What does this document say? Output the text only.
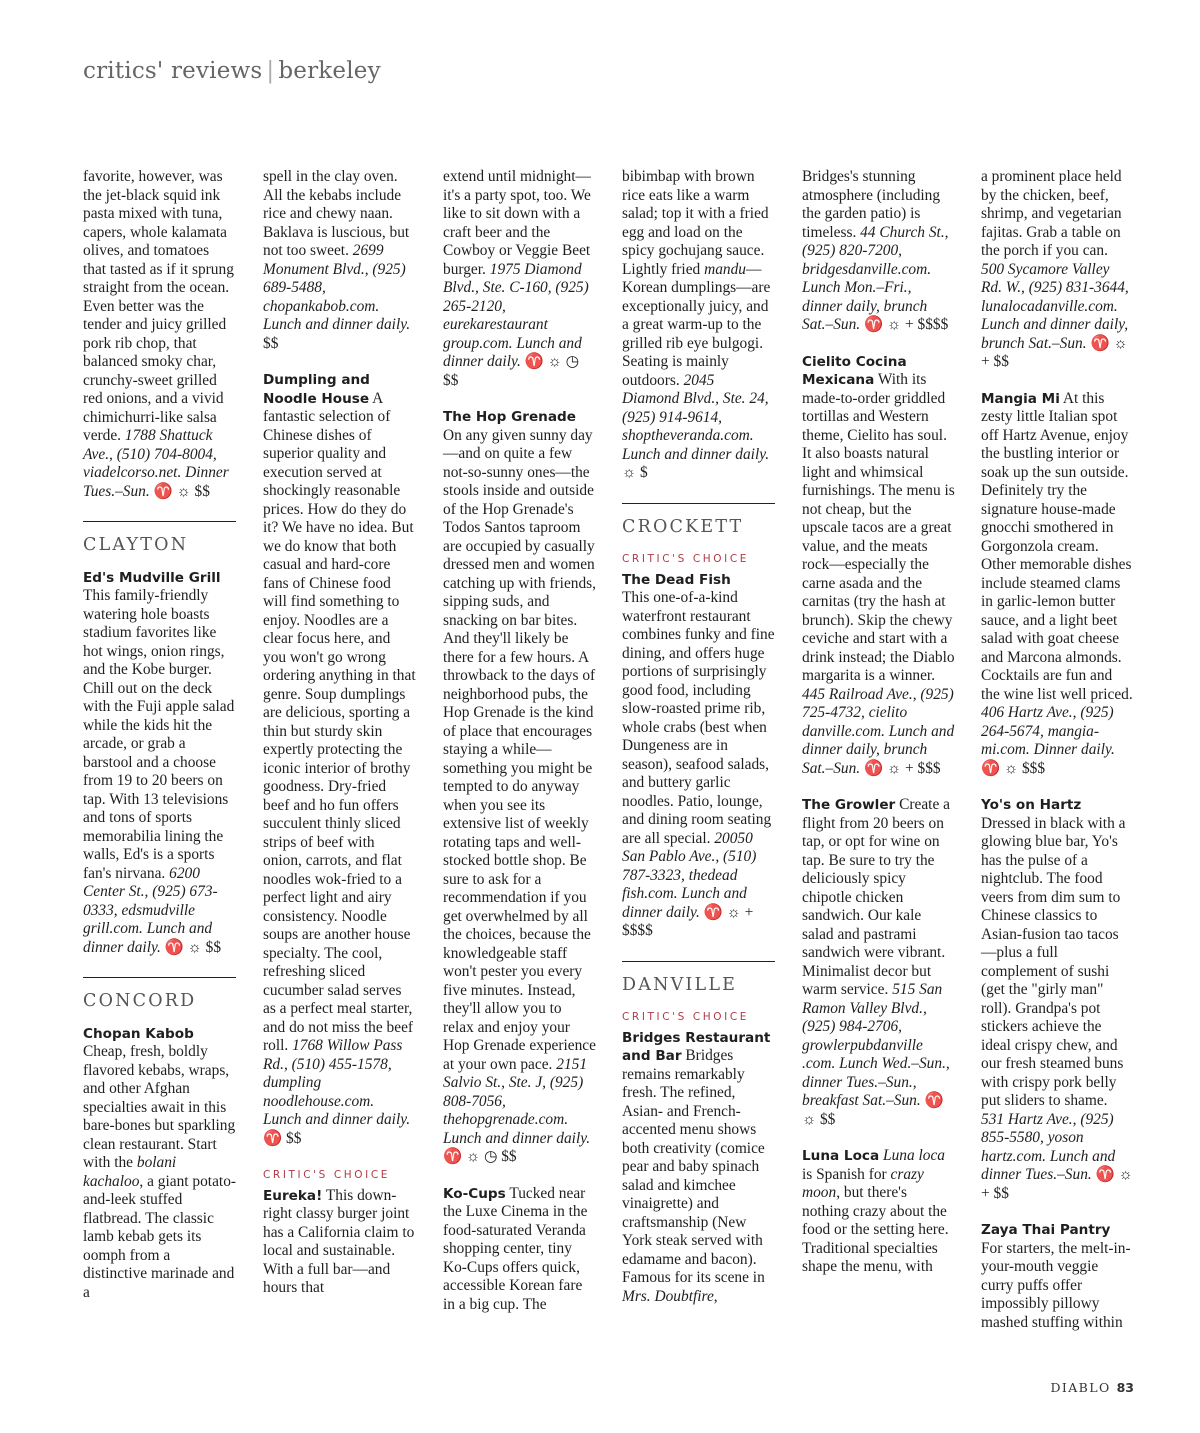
critics' reviews | berkeley

favorite, however, was the jet-black squid ink pasta mixed with tuna, capers, whole kalamata olives, and tomatoes that tasted as if it sprung straight from the ocean. Even better was the tender and juicy grilled pork rib chop, that balanced smoky char, crunchy-sweet grilled red onions, and a vivid chimichurri-like salsa verde. 1788 Shattuck Ave., (510) 704-8004, viadelcorso.net. Dinner Tues.–Sun. ♈ ☼ $$

CLAYTON

Ed's Mudville Grill
This family-friendly watering hole boasts stadium favorites like hot wings, onion rings, and the Kobe burger. Chill out on the deck with the Fuji apple salad while the kids hit the arcade, or grab a barstool and a choose from 19 to 20 beers on tap. With 13 televisions and tons of sports memorabilia lining the walls, Ed's is a sports fan's nirvana. 6200 Center St., (925) 673-0333, edsmudville grill.com. Lunch and dinner daily. ♈ ☼ $$

CONCORD

Chopan Kabob
Cheap, fresh, boldly flavored kebabs, wraps, and other Afghan specialties await in this bare-bones but sparkling clean restaurant. Start with the bolani kachaloo, a giant potato-and-leek stuffed flatbread. The classic lamb kebab gets its oomph from a distinctive marinade and a

spell in the clay oven. All the kebabs include rice and chewy naan. Baklava is luscious, but not too sweet. 2699 Monument Blvd., (925) 689-5488, chopankabob.com. Lunch and dinner daily. $$

Dumpling and Noodle House A fantastic selection of Chinese dishes of superior quality and execution served at shockingly reasonable prices. How do they do it? We have no idea. But we do know that both casual and hard-core fans of Chinese food will find something to enjoy. Noodles are a clear focus here, and you won't go wrong ordering anything in that genre. Soup dumplings are delicious, sporting a thin but sturdy skin expertly protecting the iconic interior of brothy goodness. Dry-fried beef and ho fun offers succulent thinly sliced strips of beef with onion, carrots, and flat noodles wok-fried to a perfect light and airy consistency. Noodle soups are another house specialty. The cool, refreshing sliced cucumber salad serves as a perfect meal starter, and do not miss the beef roll. 1768 Willow Pass Rd., (510) 455-1578, dumpling noodlehouse.com. Lunch and dinner daily. ♈ $$

CRITIC'S CHOICE

Eureka! This down-right classy burger joint has a California claim to local and sustainable. With a full bar—and hours that

extend until midnight—it's a party spot, too. We like to sit down with a craft beer and the Cowboy or Veggie Beet burger. 1975 Diamond Blvd., Ste. C-160, (925) 265-2120, eurekarestaurant group.com. Lunch and dinner daily. ♈ ☼ ◷ $$

The Hop Grenade
On any given sunny day—and on quite a few not-so-sunny ones—the stools inside and outside of the Hop Grenade's Todos Santos taproom are occupied by casually dressed men and women catching up with friends, sipping suds, and snacking on bar bites. And they'll likely be there for a few hours. A throwback to the days of neighborhood pubs, the Hop Grenade is the kind of place that encourages staying a while—something you might be tempted to do anyway when you see its extensive list of weekly rotating taps and well-stocked bottle shop. Be sure to ask for a recommendation if you get overwhelmed by all the choices, because the knowledgeable staff won't pester you every five minutes. Instead, they'll allow you to relax and enjoy your Hop Grenade experience at your own pace. 2151 Salvio St., Ste. J, (925) 808-7056, thehopgrenade.com. Lunch and dinner daily. ♈ ☼ ◷ $$

Ko-Cups Tucked near the Luxe Cinema in the food-saturated Veranda shopping center, tiny Ko-Cups offers quick, accessible Korean fare in a big cup. The

bibimbap with brown rice eats like a warm salad; top it with a fried egg and load on the spicy gochujang sauce. Lightly fried mandu—Korean dumplings—are exceptionally juicy, and a great warm-up to the grilled rib eye bulgogi. Seating is mainly outdoors. 2045 Diamond Blvd., Ste. 24, (925) 914-9614, shoptheveranda.com. Lunch and dinner daily. ☼ $

CROCKETT
CRITIC'S CHOICE

The Dead Fish
This one-of-a-kind waterfront restaurant combines funky and fine dining, and offers huge portions of surprisingly good food, including slow-roasted prime rib, whole crabs (best when Dungeness are in season), seafood salads, and buttery garlic noodles. Patio, lounge, and dining room seating are all special. 20050 San Pablo Ave., (510) 787-3323, thedead fish.com. Lunch and dinner daily. ♈ ☼ + $$$$

DANVILLE
CRITIC'S CHOICE

Bridges Restaurant and Bar Bridges remains remarkably fresh. The refined, Asian- and French-accented menu shows both creativity (comice pear and baby spinach salad and kimchee vinaigrette) and craftsmanship (New York steak served with edamame and bacon). Famous for its scene in Mrs. Doubtfire,

Bridges's stunning atmosphere (including the garden patio) is timeless. 44 Church St., (925) 820-7200, bridgesdanville.com. Lunch Mon.–Fri., dinner daily, brunch Sat.–Sun. ♈ ☼ + $$$$

Cielito Cocina Mexicana With its made-to-order griddled tortillas and Western theme, Cielito has soul. It also boasts natural light and whimsical furnishings. The menu is not cheap, but the upscale tacos are a great value, and the meats rock—especially the carne asada and the carnitas (try the hash at brunch). Skip the chewy ceviche and start with a drink instead; the Diablo margarita is a winner. 445 Railroad Ave., (925) 725-4732, cielito danville.com. Lunch and dinner daily, brunch Sat.–Sun. ♈ ☼ + $$$

The Growler Create a flight from 20 beers on tap, or opt for wine on tap. Be sure to try the deliciously spicy chipotle chicken sandwich. Our kale salad and pastrami sandwich were vibrant. Minimalist decor but warm service. 515 San Ramon Valley Blvd., (925) 984-2706, growlerpubdanville .com. Lunch Wed.–Sun., dinner Tues.–Sun., breakfast Sat.–Sun. ♈ ☼ $$

Luna Loca Luna loca is Spanish for crazy moon, but there's nothing crazy about the food or the setting here. Traditional specialties shape the menu, with

a prominent place held by the chicken, beef, shrimp, and vegetarian fajitas. Grab a table on the porch if you can. 500 Sycamore Valley Rd. W., (925) 831-3644, lunalocadanville.com. Lunch and dinner daily, brunch Sat.–Sun. ♈ ☼ + $$

Mangia Mi At this zesty little Italian spot off Hartz Avenue, enjoy the bustling interior or soak up the sun outside. Definitely try the signature house-made gnocchi smothered in Gorgonzola cream. Other memorable dishes include steamed clams in garlic-lemon butter sauce, and a light beet salad with goat cheese and Marcona almonds. Cocktails are fun and the wine list well priced. 406 Hartz Ave., (925) 264-5674, mangia-mi.com. Dinner daily. ♈ ☼ $$$

Yo's on Hartz Dressed in black with a glowing blue bar, Yo's has the pulse of a nightclub. The food veers from dim sum to Chinese classics to Asian-fusion tao tacos—plus a full complement of sushi (get the "girly man" roll). Grandpa's pot stickers achieve the ideal crispy chew, and our fresh steamed buns with crispy pork belly put sliders to shame. 531 Hartz Ave., (925) 855-5580, yoson hartz.com. Lunch and dinner Tues.–Sun. ♈ ☼ + $$

Zaya Thai Pantry For starters, the melt-in-your-mouth veggie curry puffs offer impossibly pillowy mashed stuffing within

DIABLO 83
